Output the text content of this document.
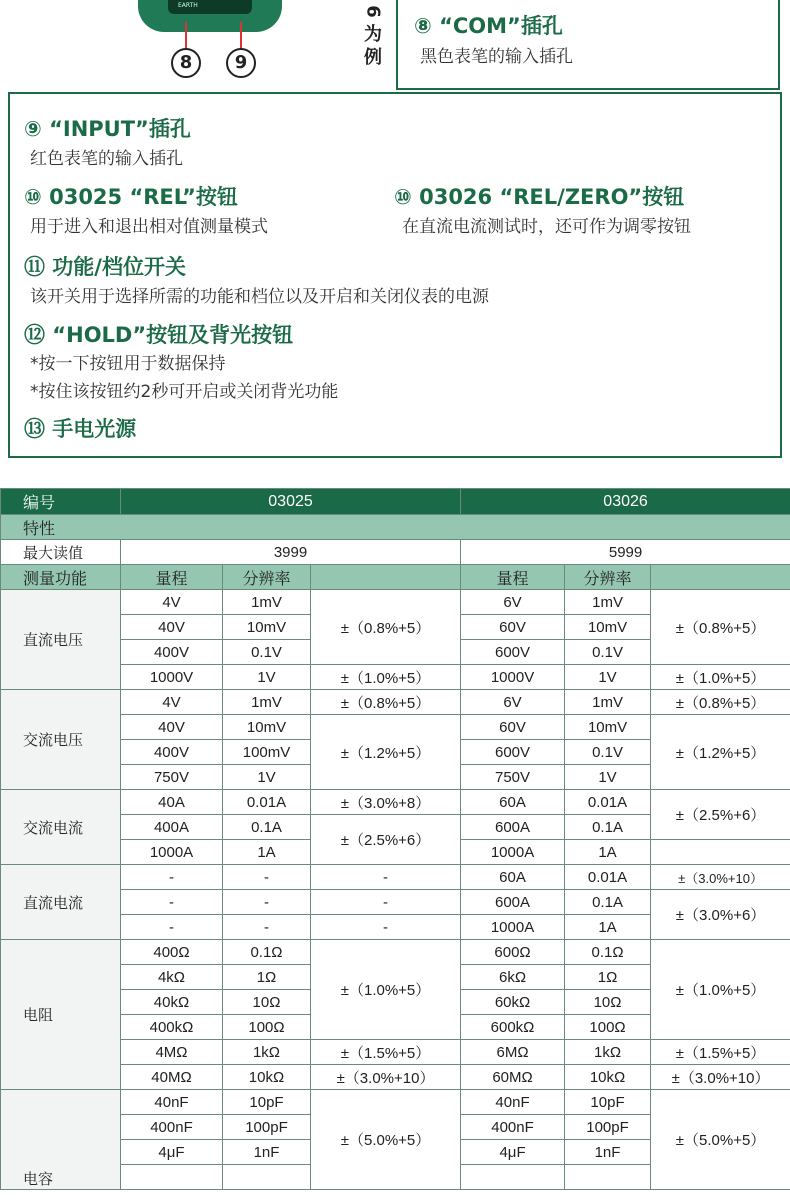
EARTH
8	9
6
为
例
⑧ “COM”插孔
黑色表笔的输入插孔
⑨ “INPUT”插孔
红色表笔的输入插孔
⑩ 03025 “REL”按钮
用于进入和退出相对值测量模式
⑩ 03026 “REL/ZERO”按钮
在直流电流测试时，还可作为调零按钮
⑪ 功能/档位开关
该开关用于选择所需的功能和档位以及开启和关闭仪表的电源
⑫ “HOLD”按钮及背光按钮
*按一下按钮用于数据保持
*按住该按钮约2秒可开启或关闭背光功能
⑬ 手电光源
编号	03025			03026		
特性						
最大读值	3999			5999		
测量功能	量程	分辨率		量程	分辨率	
直流电压	4V	1mV	±（0.8%+5）	6V	1mV	±（0.8%+5）
	40V	10mV		60V	10mV	
	400V	0.1V		600V	0.1V	
	1000V	1V	±（1.0%+5）	1000V	1V	±（1.0%+5）
交流电压	4V	1mV	±（0.8%+5）	6V	1mV	±（0.8%+5）
	40V	10mV	±（1.2%+5）	60V	10mV	±（1.2%+5）
	400V	100mV		600V	0.1V	
	750V	1V		750V	1V	
交流电流	40A	0.01A	±（3.0%+8）	60A	0.01A	±（2.5%+6）
	400A	0.1A	±（2.5%+6）	600A	0.1A	
	1000A	1A		1000A	1A	
直流电流	-	-	-	60A	0.01A	±（3.0%+10）
	-	-	-	600A	0.1A	±（3.0%+6）
	-	-	-	1000A	1A	
电阻	400Ω	0.1Ω	±（1.0%+5）	600Ω	0.1Ω	±（1.0%+5）
	4kΩ	1Ω		6kΩ	1Ω	
	40kΩ	10Ω		60kΩ	10Ω	
	400kΩ	100Ω		600kΩ	100Ω	
	4MΩ	1kΩ	±（1.5%+5）	6MΩ	1kΩ	±（1.5%+5）
	40MΩ	10kΩ	±（3.0%+10）	60MΩ	10kΩ	±（3.0%+10）
电容	40nF	10pF	±（5.0%+5）	40nF	10pF	±（5.0%+5）
	400nF	100pF		400nF	100pF	
	4μF	1nF		4μF	1nF	
